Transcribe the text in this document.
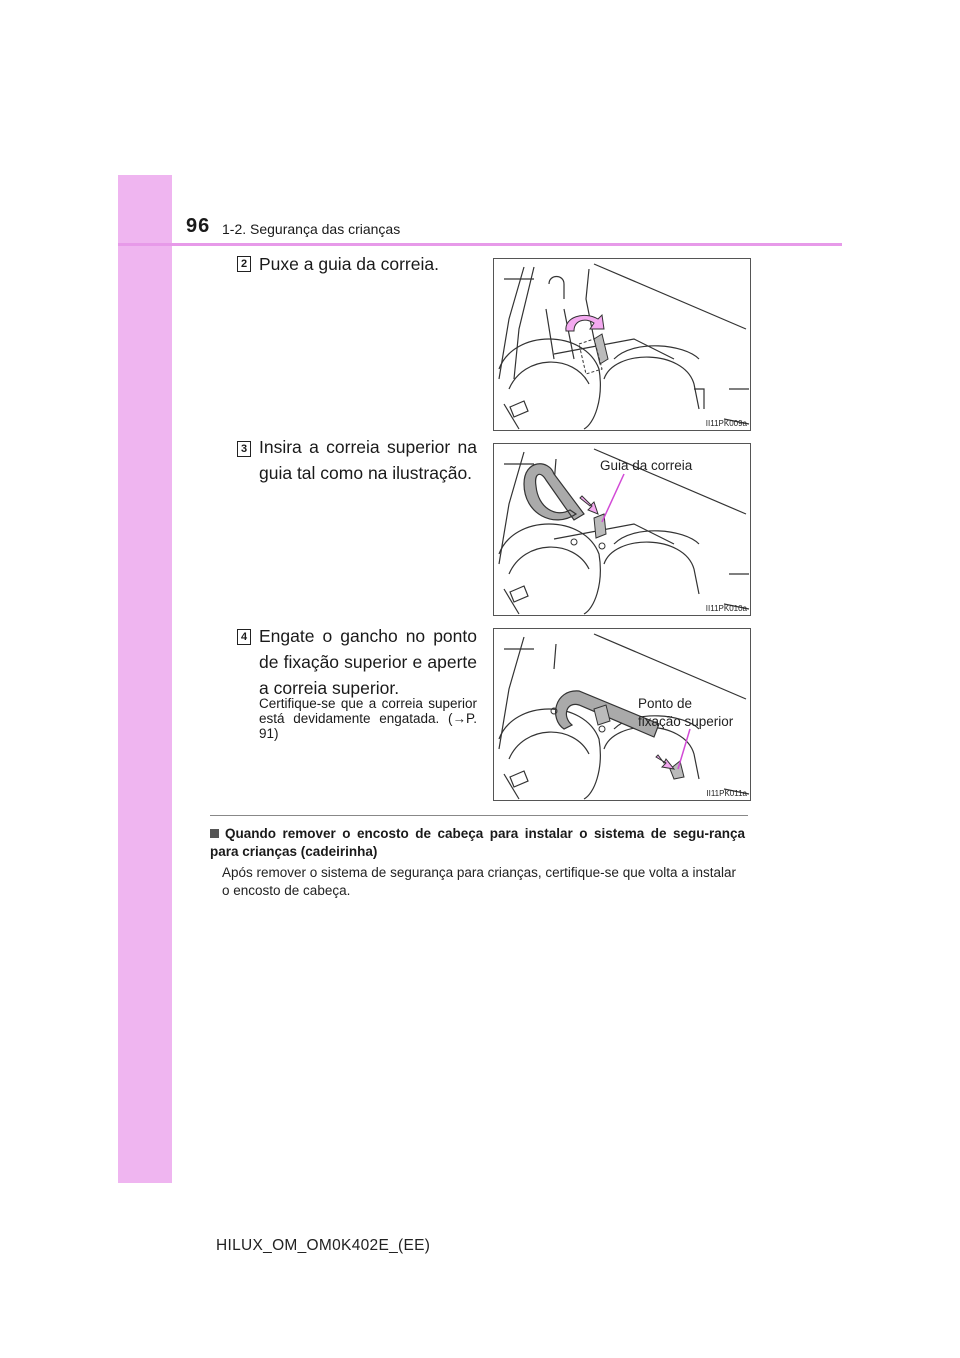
96 1-2. Segurança das crianças
2 Puxe a guia da correia.
II11PK009a
3 Insira a correia superior na guia tal como na ilustração.	Guia da correia
II11PK010a
4 Engate o gancho no ponto de fixação superior e aperte a correia superior.
Certifique-se que a correia superior está devidamente engatada. (→P. 91)
Ponto de
fixação superior
II11PK011a
Quando remover o encosto de cabeça para instalar o sistema de segu-rança para crianças (cadeirinha)
Após remover o sistema de segurança para crianças, certifique-se que volta a instalar o encosto de cabeça.
HILUX_OM_OM0K402E_(EE)
